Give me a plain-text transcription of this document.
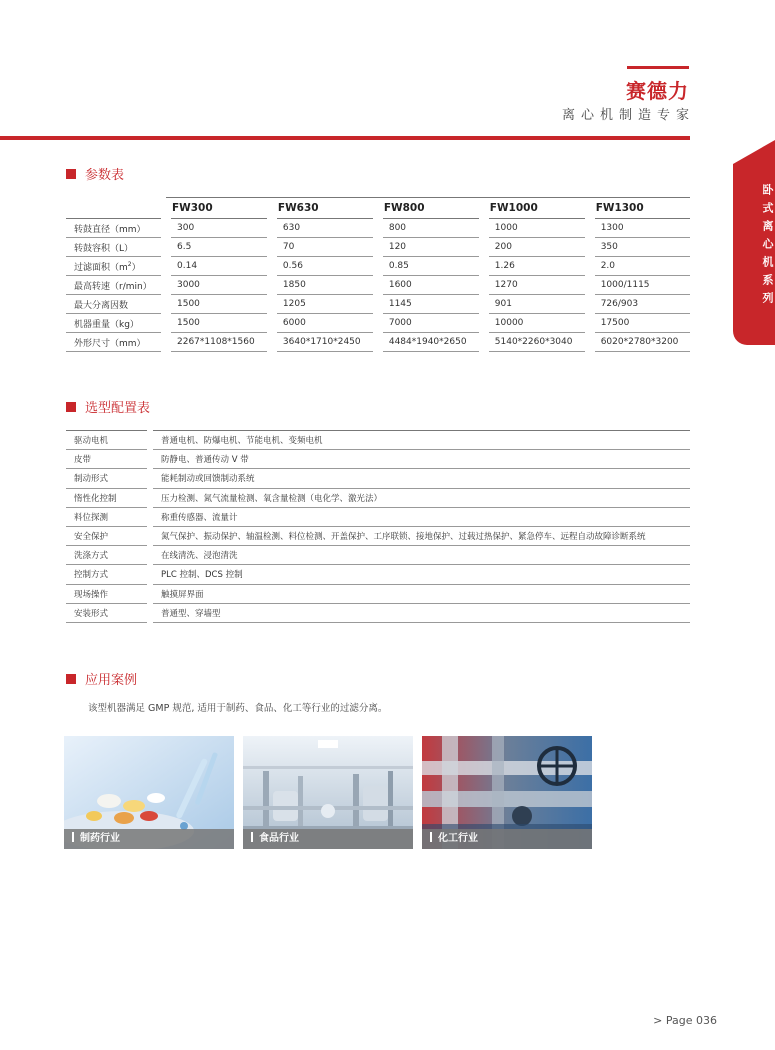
赛德力
离心机制造专家
卧式离心机系列
参数表
	FW300	FW630	FW800	FW1000	FW1300
转鼓直径（mm）	300	630	800	1000	1300
转鼓容积（L）	6.5	70	120	200	350
过滤面积$(m^2)$	0.14	0.56	0.85	1.26	2.0
最高转速（r/min）	3000	1850	1600	1270	1000/1115
最大分离因数	1500	1205	1145	901	726/903
机器重量（kg）	1500	6000	7000	10000	17500
外形尺寸（mm）	2267*1108*1560	3640*1710*2450	4484*1940*2650	5140*2260*3040	6020*2780*3200
选型配置表
驱动电机	普通电机、防爆电机、节能电机、变频电机
皮带	防静电、普通传动 V 带
制动形式	能耗制动或回馈制动系统
惰性化控制	压力检测、氮气流量检测、氧含量检测（电化学、激光法）
料位探测	称重传感器、流量计
安全保护	氮气保护、振动保护、轴温检测、料位检测、开盖保护、工序联锁、接地保护、过载过热保护、紧急停车、远程自动故障诊断系统
洗涤方式	在线清洗、浸泡清洗
控制方式	PLC 控制、DCS 控制
现场操作	触摸屏界面
安装形式	普通型、穿墙型
应用案例
该型机器满足 GMP 规范, 适用于制药、食品、化工等行业的过滤分离。
制药行业	食品行业	化工行业
> Page 036
